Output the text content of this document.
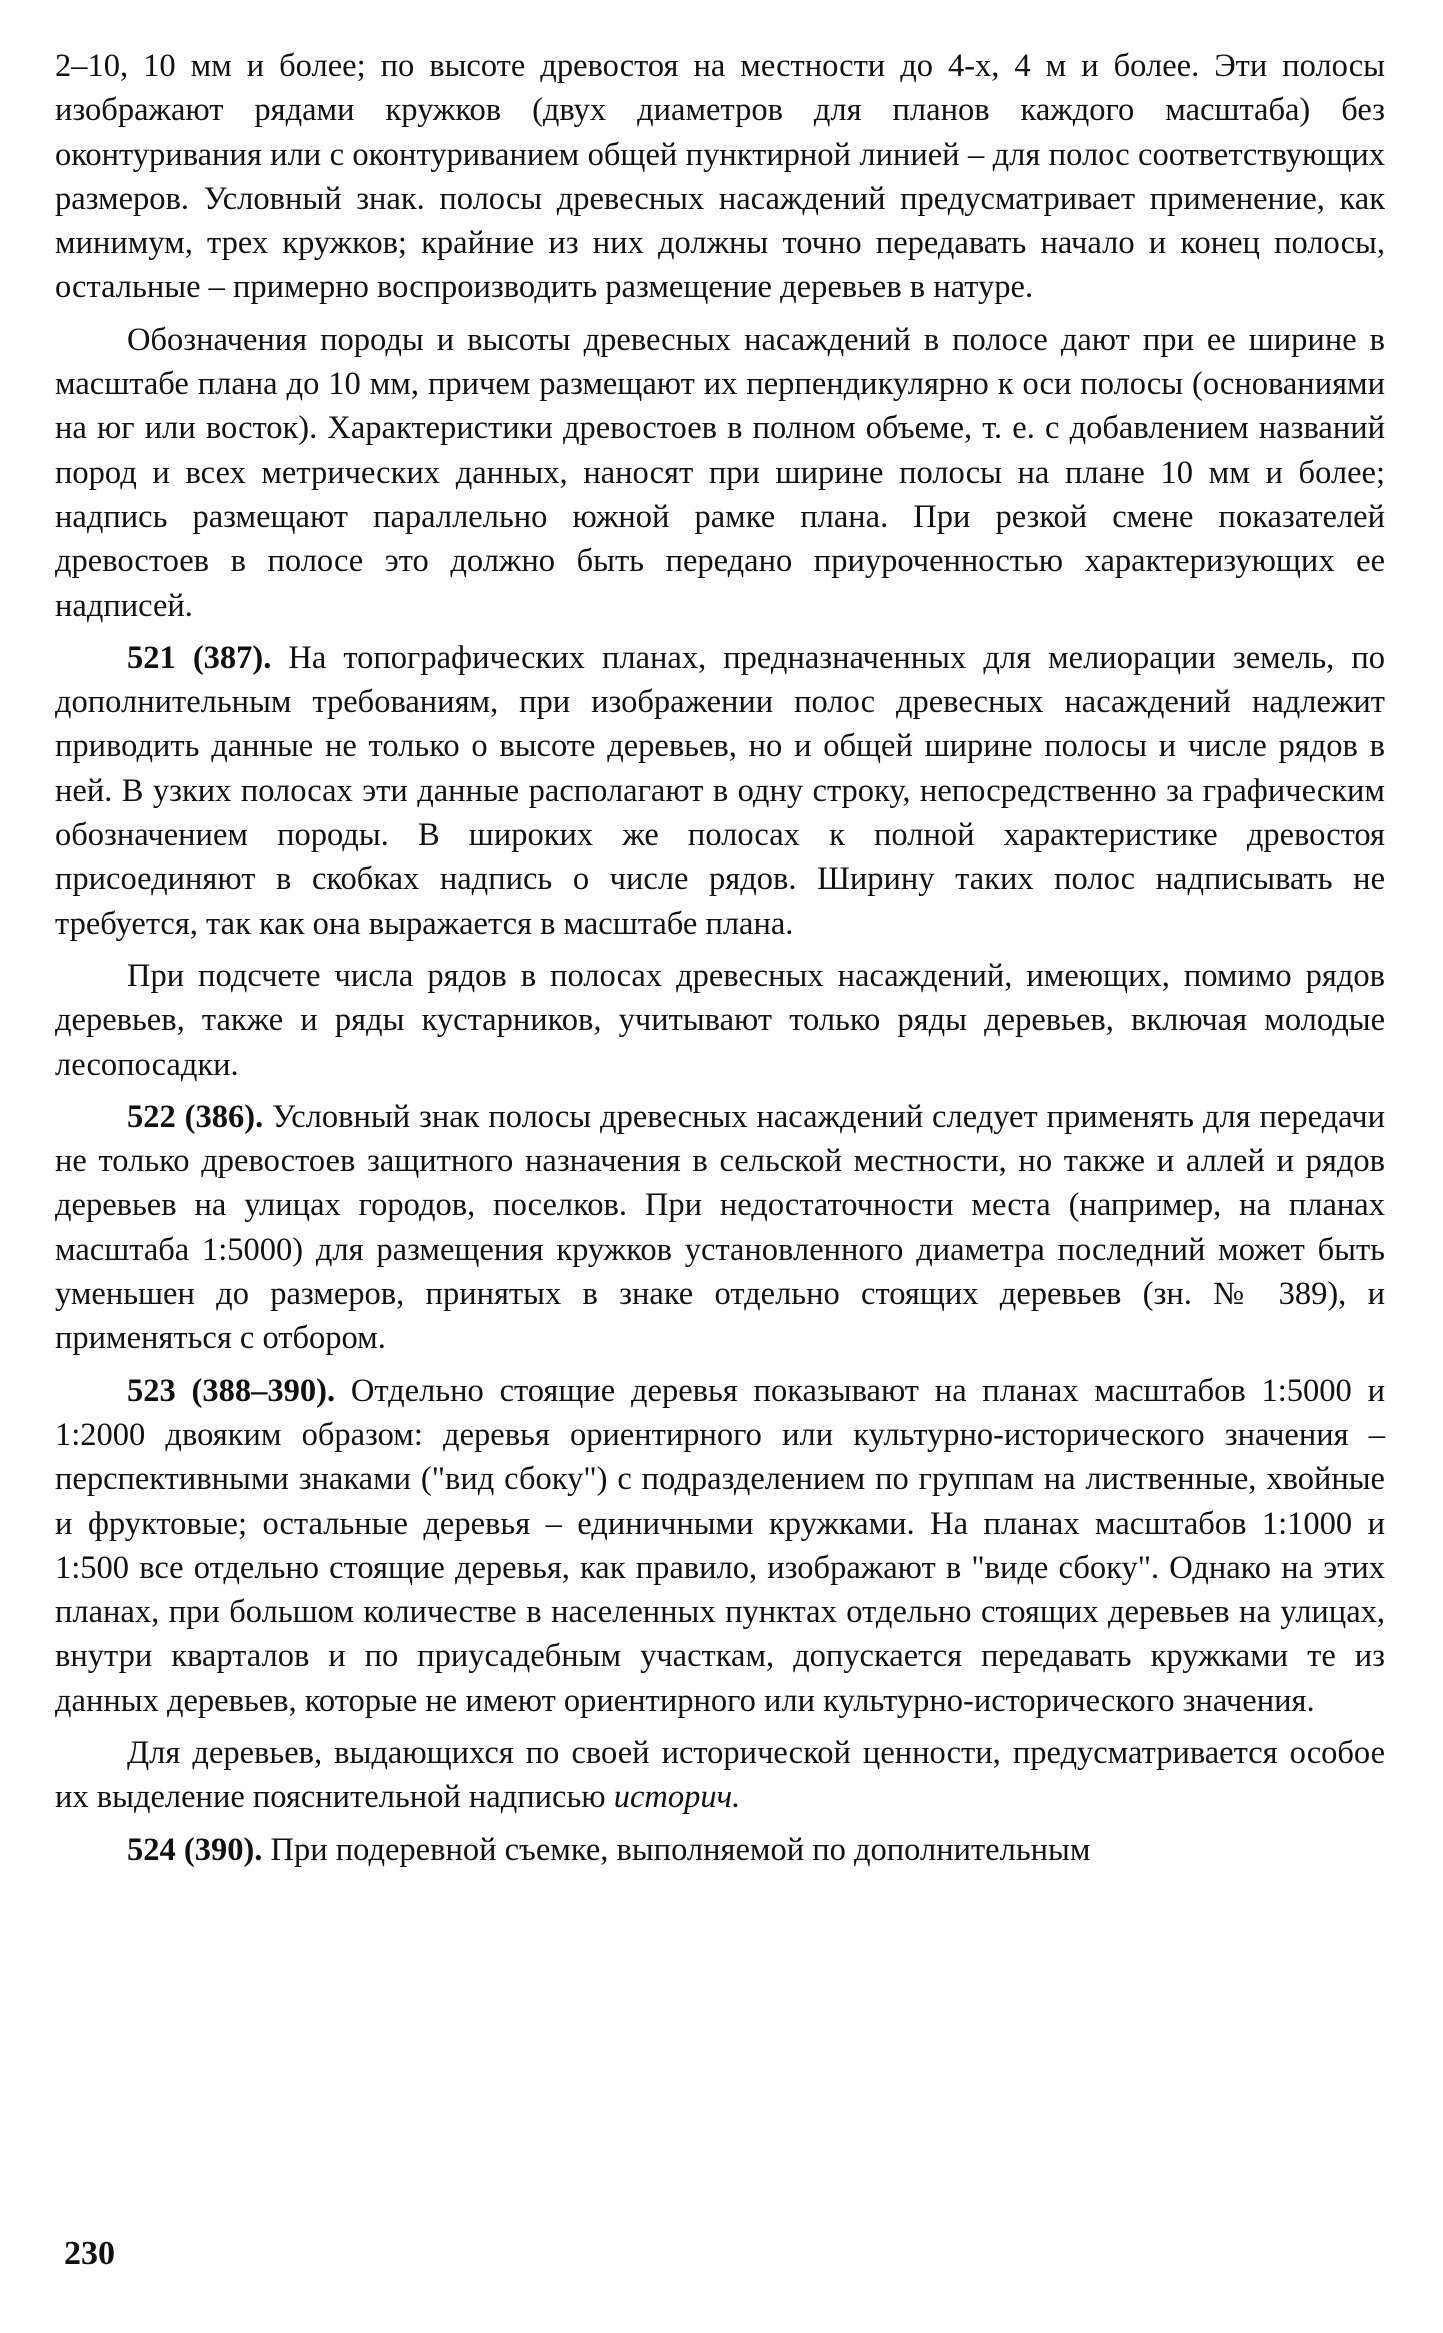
2–10, 10 мм и более; по высоте древостоя на местности до 4-х, 4 м и более. Эти полосы изображают рядами кружков (двух диаметров для планов каждого масштаба) без оконтуривания или с оконтуриванием общей пунктирной линией – для полос соответствующих размеров. Условный знак. полосы древесных насаждений предусматривает применение, как минимум, трех кружков; крайние из них должны точно передавать начало и конец полосы, остальные – примерно воспроизводить размещение деревьев в натуре.

Обозначения породы и высоты древесных насаждений в полосе дают при ее ширине в масштабе плана до 10 мм, причем размещают их перпендикулярно к оси полосы (основаниями на юг или восток). Характеристики древостоев в полном объеме, т. е. с добавлением названий пород и всех метрических данных, наносят при ширине полосы на плане 10 мм и более; надпись размещают параллельно южной рамке плана. При резкой смене показателей древостоев в полосе это должно быть передано приуроченностью характеризующих ее надписей.

521 (387). На топографических планах, предназначенных для мелиорации земель, по дополнительным требованиям, при изображении полос древесных насаждений надлежит приводить данные не только о высоте деревьев, но и общей ширине полосы и числе рядов в ней. В узких полосах эти данные располагают в одну строку, непосредственно за графическим обозначением породы. В широких же полосах к полной характеристике древостоя присоединяют в скобках надпись о числе рядов. Ширину таких полос надписывать не требуется, так как она выражается в масштабе плана.

При подсчете числа рядов в полосах древесных насаждений, имеющих, помимо рядов деревьев, также и ряды кустарников, учитывают только ряды деревьев, включая молодые лесопосадки.

522 (386). Условный знак полосы древесных насаждений следует применять для передачи не только древостоев защитного назначения в сельской местности, но также и аллей и рядов деревьев на улицах городов, поселков. При недостаточности места (например, на планах масштаба 1:5000) для размещения кружков установленного диаметра последний может быть уменьшен до размеров, принятых в знаке отдельно стоящих деревьев (зн. № 389), и применяться с отбором.

523 (388–390). Отдельно стоящие деревья показывают на планах масштабов 1:5000 и 1:2000 двояким образом: деревья ориентирного или культурно-исторического значения – перспективными знаками ("вид сбоку") с подразделением по группам на лиственные, хвойные и фруктовые; остальные деревья – единичными кружками. На планах масштабов 1:1000 и 1:500 все отдельно стоящие деревья, как правило, изображают в "виде сбоку". Однако на этих планах, при большом количестве в населенных пунктах отдельно стоящих деревьев на улицах, внутри кварталов и по приусадебным участкам, допускается передавать кружками те из данных деревьев, которые не имеют ориентирного или культурно-исторического значения.

Для деревьев, выдающихся по своей исторической ценности, предусматривается особое их выделение пояснительной надписью историч.

524 (390). При подеревной съемке, выполняемой по дополнительным

230
